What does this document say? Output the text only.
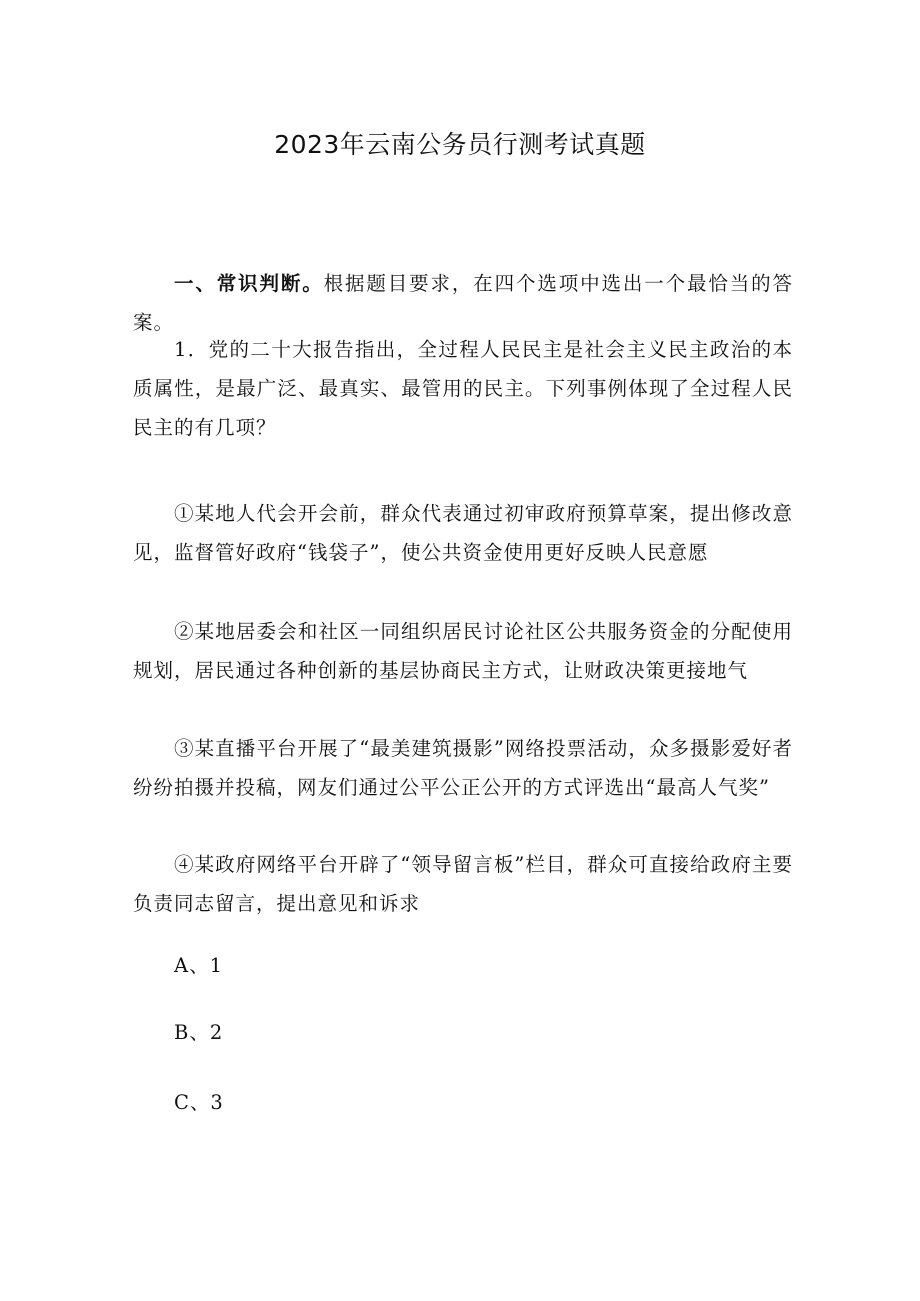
2023年云南公务员行测考试真题

一、常识判断。根据题目要求，在四个选项中选出一个最恰当的答案。

1．党的二十大报告指出，全过程人民民主是社会主义民主政治的本质属性，是最广泛、最真实、最管用的民主。下列事例体现了全过程人民民主的有几项？

①某地人代会开会前，群众代表通过初审政府预算草案，提出修改意见，监督管好政府“钱袋子”，使公共资金使用更好反映人民意愿

②某地居委会和社区一同组织居民讨论社区公共服务资金的分配使用规划，居民通过各种创新的基层协商民主方式，让财政决策更接地气

③某直播平台开展了“最美建筑摄影”网络投票活动，众多摄影爱好者纷纷拍摄并投稿，网友们通过公平公正公开的方式评选出“最高人气奖”

④某政府网络平台开辟了“领导留言板”栏目，群众可直接给政府主要负责同志留言，提出意见和诉求

A、1

B、2

C、3
